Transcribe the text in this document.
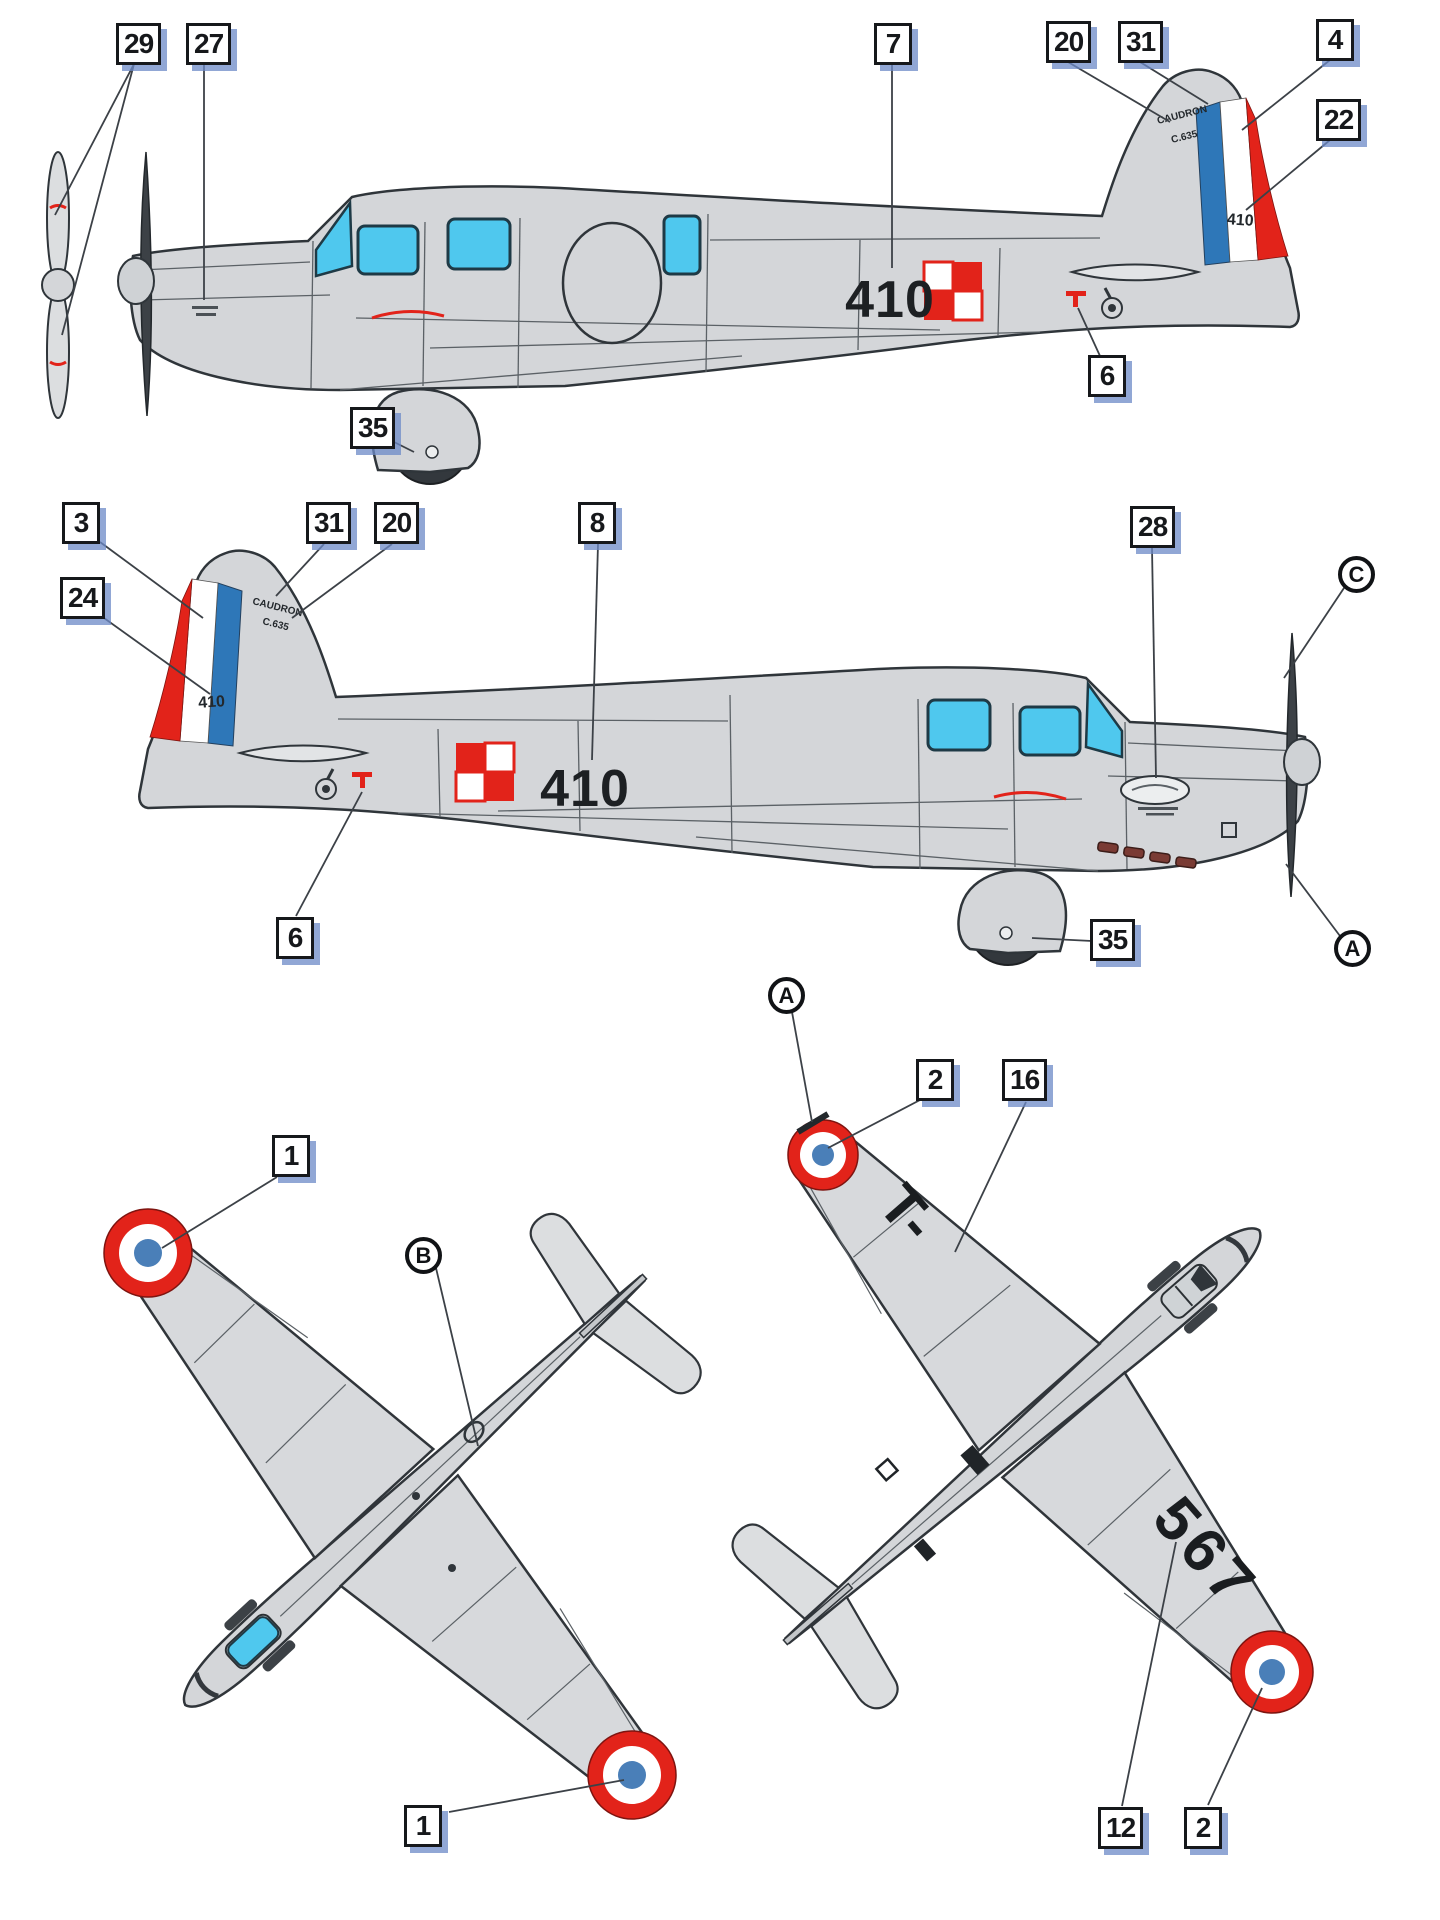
CAUDRON
C.635
410
410
CAUDRON
C.635
410
410
T-
567
29 27	7	20 31	4
22
6
35
3
24
31 20	8	28
35
6
1
2	16
1	12	2
A
B
C
A
